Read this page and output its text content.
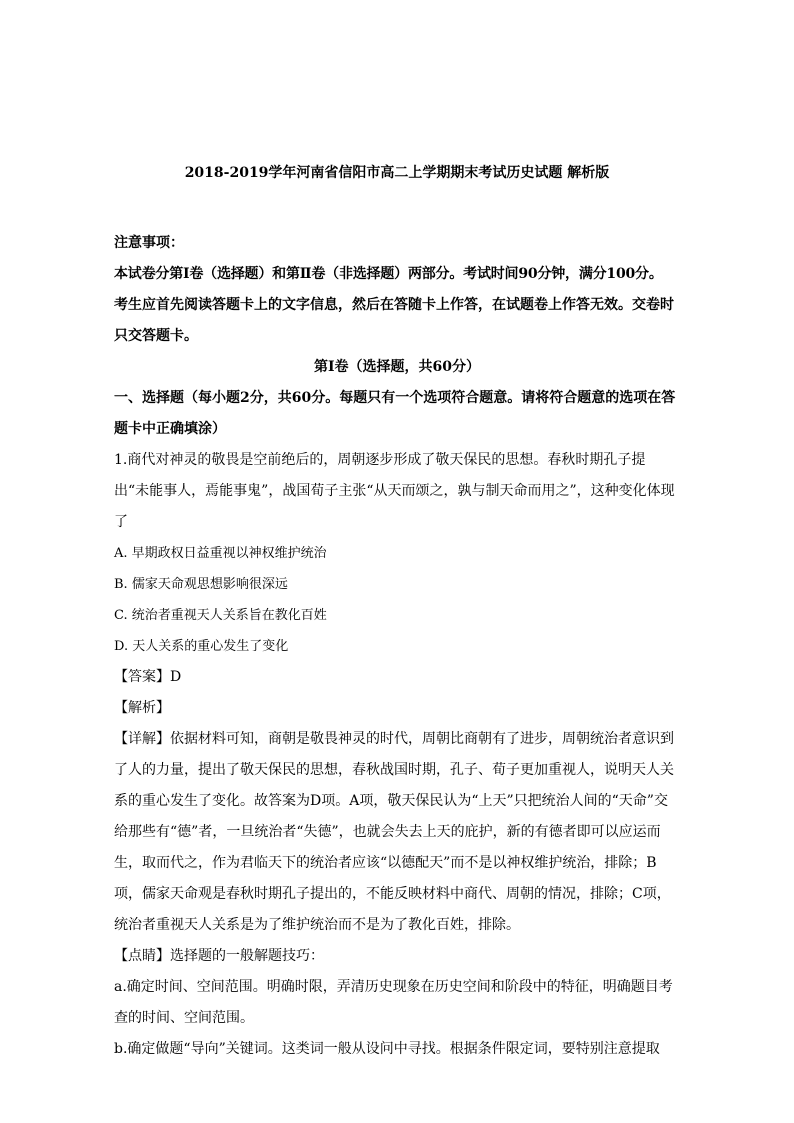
2018-2019学年河南省信阳市高二上学期期末考试历史试题 解析版

注意事项：

本试卷分第Ⅰ卷（选择题）和第Ⅱ卷（非选择题）两部分。考试时间90分钟，满分100分。

考生应首先阅读答题卡上的文字信息，然后在答随卡上作答，在试题卷上作答无效。交卷时只交答题卡。

第Ⅰ卷（选择题，共60分）

一、选择题（每小题2分，共60分。每题只有一个选项符合题意。请将符合题意的选项在答题卡中正确填涂）

1.商代对神灵的敬畏是空前绝后的，周朝逐步形成了敬天保民的思想。春秋时期孔子提出“未能事人，焉能事鬼”，战国荀子主张“从天而颂之，孰与制天命而用之”，这种变化体现了

A. 早期政权日益重视以神权维护统治

B. 儒家天命观思想影响很深远

C. 统治者重视天人关系旨在教化百姓

D. 天人关系的重心发生了变化

【答案】D

【解析】

【详解】依据材料可知，商朝是敬畏神灵的时代，周朝比商朝有了进步，周朝统治者意识到了人的力量，提出了敬天保民的思想，春秋战国时期，孔子、荀子更加重视人，说明天人关系的重心发生了变化。故答案为D项。A项，敬天保民认为“上天”只把统治人间的“天命”交给那些有“德”者，一旦统治者“失德”，也就会失去上天的庇护，新的有德者即可以应运而生，取而代之，作为君临天下的统治者应该“以德配天”而不是以神权维护统治，排除；B项，儒家天命观是春秋时期孔子提出的，不能反映材料中商代、周朝的情况，排除；C项，统治者重视天人关系是为了维护统治而不是为了教化百姓，排除。

【点睛】选择题的一般解题技巧：

a.确定时间、空间范围。明确时限，弄清历史现象在历史空间和阶段中的特征，明确题目考查的时间、空间范围。

b.确定做题“导向”关键词。这类词一般从设问中寻找。根据条件限定词，要特别注意提取
